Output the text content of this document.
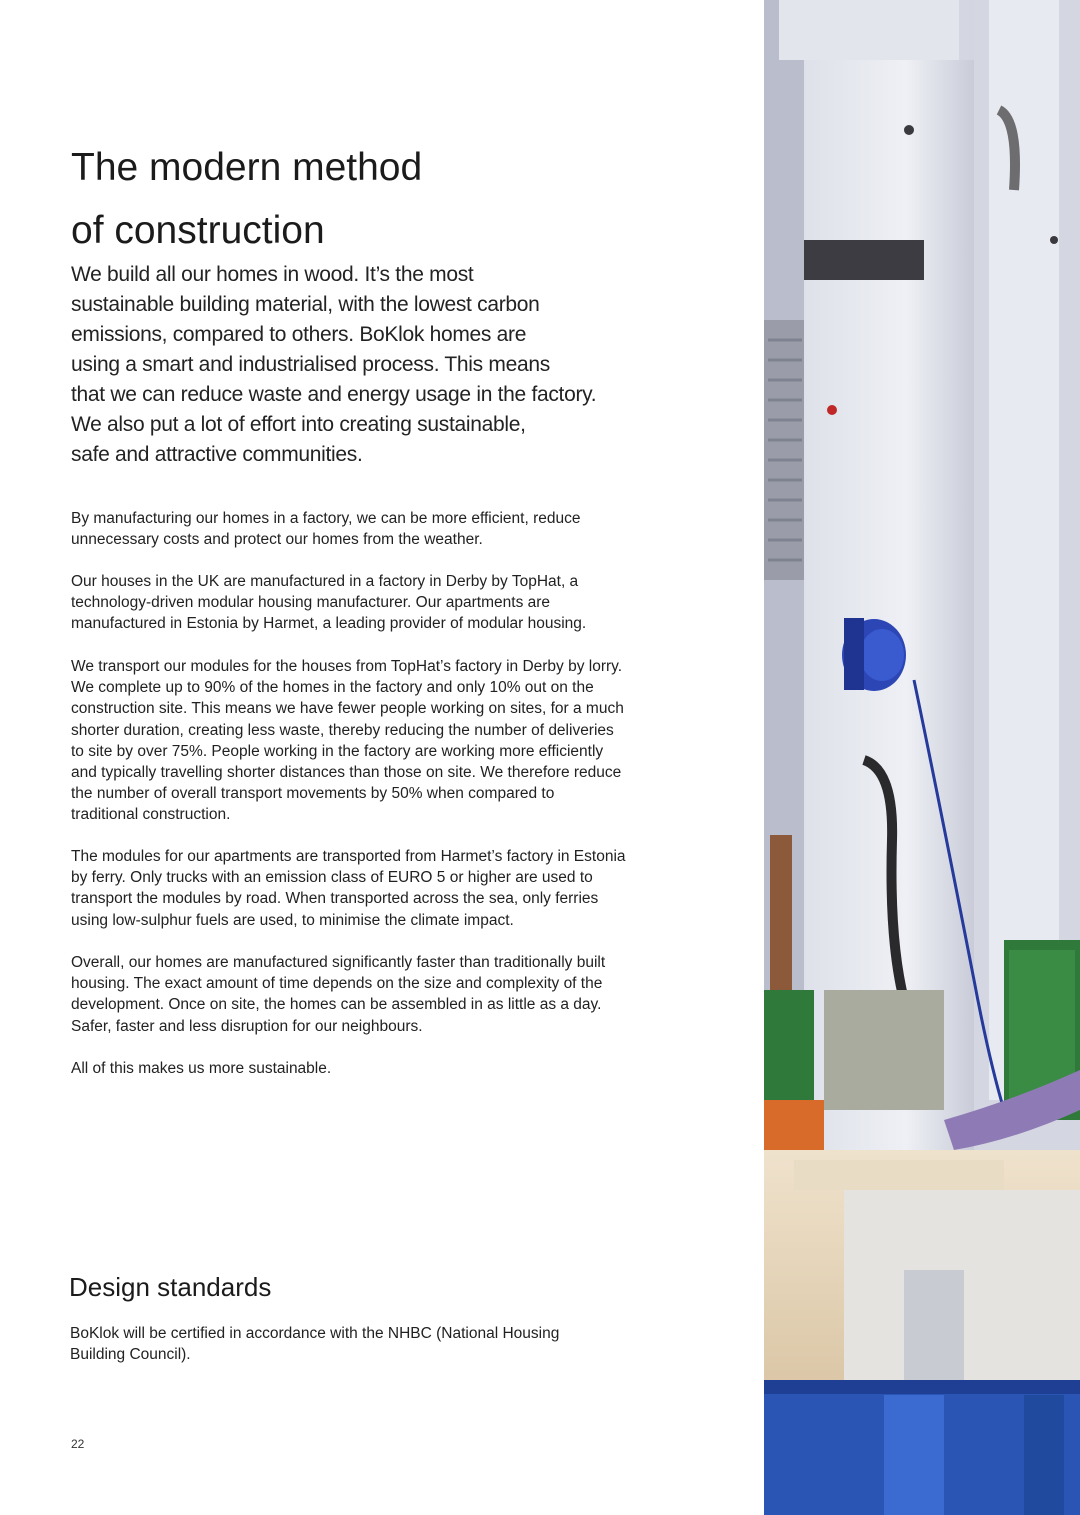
The modern method
of construction

We build all our homes in wood. It’s the most
sustainable building material, with the lowest carbon
emissions, compared to others. BoKlok homes are
using a smart and industrialised process. This means
that we can reduce waste and energy usage in the factory.
We also put a lot of effort into creating sustainable,
safe and attractive communities.

By manufacturing our homes in a factory, we can be more efficient, reduce
unnecessary costs and protect our homes from the weather.

Our houses in the UK are manufactured in a factory in Derby by TopHat, a
technology-driven modular housing manufacturer. Our apartments are
manufactured in Estonia by Harmet, a leading provider of modular housing.

We transport our modules for the houses from TopHat’s factory in Derby by lorry.
We complete up to 90% of the homes in the factory and only 10% out on the
construction site. This means we have fewer people working on sites, for a much
shorter duration, creating less waste, thereby reducing the number of deliveries
to site by over 75%. People working in the factory are working more efficiently
and typically travelling shorter distances than those on site. We therefore reduce
the number of overall transport movements by 50% when compared to
traditional construction.

The modules for our apartments are transported from Harmet’s factory in Estonia
by ferry. Only trucks with an emission class of EURO 5 or higher are used to
transport the modules by road. When transported across the sea, only ferries
using low-sulphur fuels are used, to minimise the climate impact.

Overall, our homes are manufactured significantly faster than traditionally built
housing. The exact amount of time depends on the size and complexity of the
development. Once on site, the homes can be assembled in as little as a day.
Safer, faster and less disruption for our neighbours.

All of this makes us more sustainable.

Design standards

BoKlok will be certified in accordance with the NHBC (National Housing
Building Council).

22
